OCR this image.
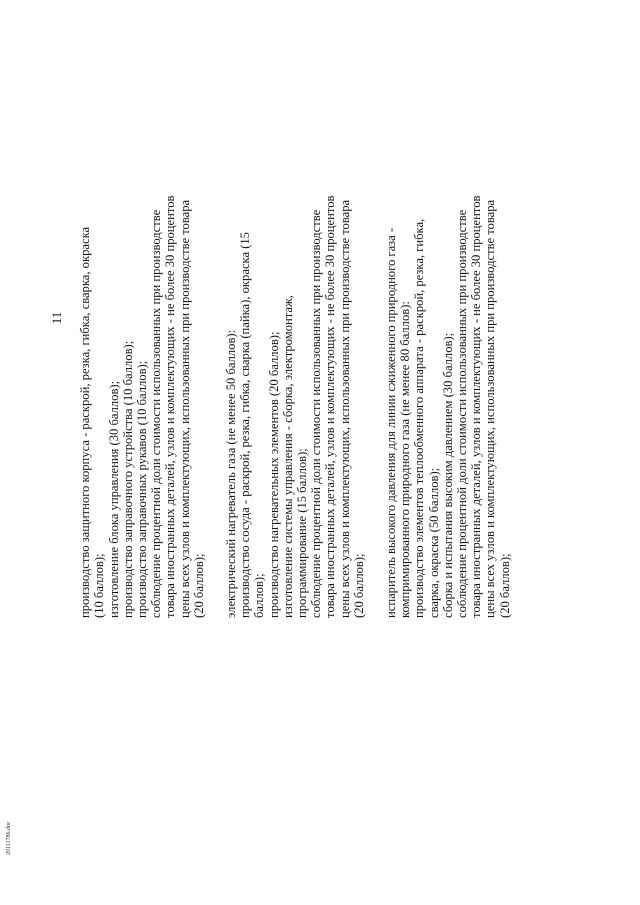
11 производство защитного корпуса - раскрой, резка, гибка, сварка, окраска (10 баллов); изготовление блока управления (30 баллов); производство заправочного устройства (10 баллов); производство заправочных рукавов (10 баллов); соблюдение процентной доли стоимости использованных при производстве товара иностранных деталей, узлов и комплектующих - не более 30 процентов цены всех узлов и комплектующих, использованных при производстве товара (20 баллов); электрический нагреватель газа (не менее 50 баллов): производство сосуда - раскрой, резка, гибка, сварка (пайка), окраска (15 баллов); производство нагревательных элементов (20 баллов); изготовление системы управления - сборка, электромонтаж, программирование (15 баллов); соблюдение процентной доли стоимости использованных при производстве товара иностранных деталей, узлов и комплектующих - не более 30 процентов цены всех узлов и комплектующих, использованных при производстве товара (20 баллов); испаритель высокого давления для линии сжиженного природного газа - компримированного природного газа (не менее 80 баллов): производство элементов теплообменного аппарата - раскрой, резка, гибка, сварка, окраска (50 баллов); сборка и испытания высоким давлением (30 баллов); соблюдение процентной доли стоимости использованных при производстве товара иностранных деталей, узлов и комплектующих - не более 30 процентов цены всех узлов и комплектующих, использованных при производстве товара (20 баллов);

20111786.doc
